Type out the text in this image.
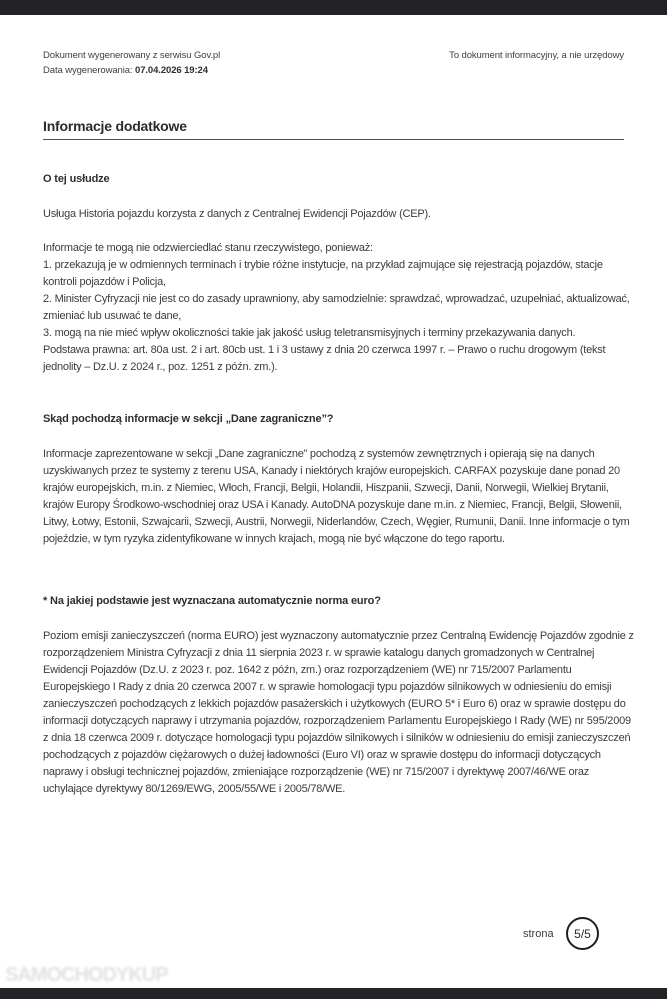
Dokument wygenerowany z serwisu Gov.pl
Data wygenerowania: 07.04.2026 19:24
To dokument informacyjny, a nie urzędowy
Informacje dodatkowe
O tej usłudze
Usługa Historia pojazdu korzysta z danych z Centralnej Ewidencji Pojazdów (CEP).
Informacje te mogą nie odzwierciedlać stanu rzeczywistego, ponieważ:
1. przekazują je w odmiennych terminach i trybie różne instytucje, na przykład zajmujące się rejestracją pojazdów, stacje kontroli pojazdów i Policja,
2. Minister Cyfryzacji nie jest co do zasady uprawniony, aby samodzielnie: sprawdzać, wprowadzać, uzupełniać, aktualizować, zmieniać lub usuwać te dane,
3. mogą na nie mieć wpływ okoliczności takie jak jakość usług teletransmisyjnych i terminy przekazywania danych.
Podstawa prawna: art. 80a ust. 2 i art. 80cb ust. 1 i 3 ustawy z dnia 20 czerwca 1997 r. – Prawo o ruchu drogowym (tekst jednolity – Dz.U. z 2024 r., poz. 1251 z późn. zm.).
Skąd pochodzą informacje w sekcji „Dane zagraniczne”?
Informacje zaprezentowane w sekcji „Dane zagraniczne” pochodzą z systemów zewnętrznych i opierają się na danych uzyskiwanych przez te systemy z terenu USA, Kanady i niektórych krajów europejskich. CARFAX pozyskuje dane ponad 20 krajów europejskich, m.in. z Niemiec, Włoch, Francji, Belgii, Holandii, Hiszpanii, Szwecji, Danii, Norwegii, Wielkiej Brytanii, krajów Europy Środkowo-wschodniej oraz USA i Kanady. AutoDNA pozyskuje dane m.in. z Niemiec, Francji, Belgii, Słowenii, Litwy, Łotwy, Estonii, Szwajcarii, Szwecji, Austrii, Norwegii, Niderlandów, Czech, Węgier, Rumunii, Danii. Inne informacje o tym pojeździe, w tym ryzyka zidentyfikowane w innych krajach, mogą nie być włączone do tego raportu.
* Na jakiej podstawie jest wyznaczana automatycznie norma euro?
Poziom emisji zanieczyszczeń (norma EURO) jest wyznaczony automatycznie przez Centralną Ewidencję Pojazdów zgodnie z rozporządzeniem Ministra Cyfryzacji z dnia 11 sierpnia 2023 r. w sprawie katalogu danych gromadzonych w Centralnej Ewidencji Pojazdów (Dz.U. z 2023 r. poz. 1642 z późn, zm.) oraz rozporządzeniem (WE) nr 715/2007 Parlamentu Europejskiego I Rady z dnia 20 czerwca 2007 r. w sprawie homologacji typu pojazdów silnikowych w odniesieniu do emisji zanieczyszczeń pochodzących z lekkich pojazdów pasażerskich i użytkowych (EURO 5* i Euro 6) oraz w sprawie dostępu do informacji dotyczących naprawy i utrzymania pojazdów, rozporządzeniem Parlamentu Europejskiego I Rady (WE) nr 595/2009 z dnia 18 czerwca 2009 r. dotyczące homologacji typu pojazdów silnikowych i silników w odniesieniu do emisji zanieczyszczeń pochodzących z pojazdów ciężarowych o dużej ładowności (Euro VI) oraz w sprawie dostępu do informacji dotyczących naprawy i obsługi technicznej pojazdów, zmieniające rozporządzenie (WE) nr 715/2007 i dyrektywę 2007/46/WE oraz uchylające dyrektywy 80/1269/EWG, 2005/55/WE i 2005/78/WE.
strona 5/5
SAMOCHODYKUP
